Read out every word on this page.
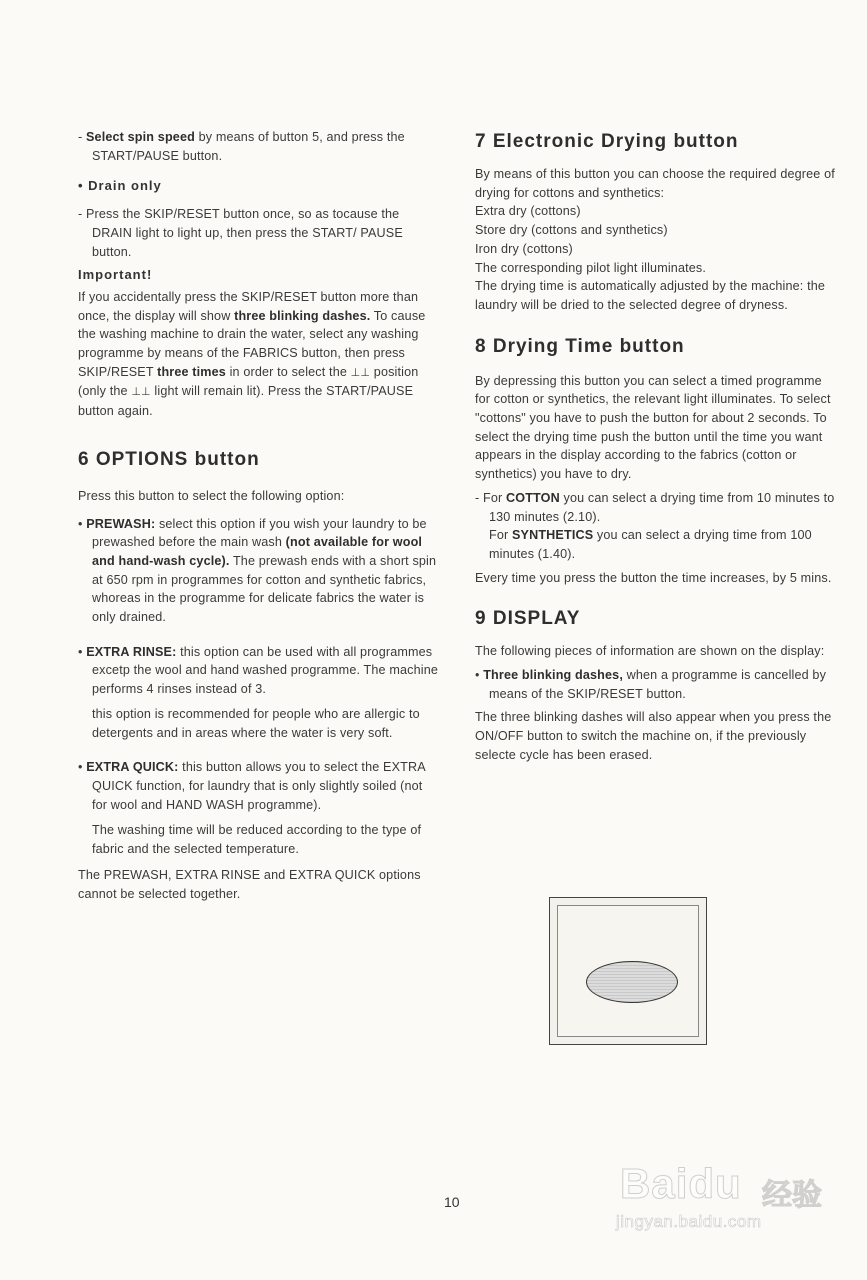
- Select spin speed by means of button 5, and press the START/PAUSE button.

• Drain only

- Press the SKIP/RESET button once, so as tocause the DRAIN light to light up, then press the START/ PAUSE button.

Important!

If you accidentally press the SKIP/RESET button more than once, the display will show three blinking dashes. To cause the washing machine to drain the water, select any washing programme by means of the FABRICS button, then press SKIP/RESET three times in order to select the ⊥⊥ position (only the ⊥⊥ light will remain lit). Press the START/PAUSE button again.

6 OPTIONS button

Press this button to select the following option:

• PREWASH: select this option if you wish your laundry to be prewashed before the main wash (not available for wool and hand-wash cycle). The prewash ends with a short spin at 650 rpm in programmes for cotton and synthetic fabrics, whoreas in the programme for delicate fabrics the water is only drained.

• EXTRA RINSE: this option can be used with all programmes excetp the wool and hand washed programme. The machine performs 4 rinses instead of 3.

this option is recommended for people who are allergic to detergents and in areas where the water is very soft.

• EXTRA QUICK: this button allows you to select the EXTRA QUICK function, for laundry that is only slightly soiled (not for wool and HAND WASH programme).

The washing time will be reduced according to the type of fabric and the selected temperature.

The PREWASH, EXTRA RINSE and EXTRA QUICK options cannot be selected together.

7 Electronic Drying button

By means of this button you can choose the required degree of drying for cottons and synthetics:

Extra dry (cottons)

Store dry (cottons and synthetics)

Iron dry (cottons)

The corresponding pilot light illuminates.

The drying time is automatically adjusted by the machine: the laundry will be dried to the selected degree of dryness.

8 Drying Time button

By depressing this button you can select a timed programme for cotton or synthetics, the relevant light illuminates. To select "cottons" you have to push the button for about 2 seconds. To select the drying time push the button until the time you want appears in the display according to the fabrics (cotton or synthetics) you have to dry.

- For COTTON you can select a drying time from 10 minutes to 130 minutes (2.10).

For SYNTHETICS you can select a drying time from 100 minutes (1.40).

Every time you press the button the time increases, by 5 mins.

9 DISPLAY

The following pieces of information are shown on the display:

• Three blinking dashes, when a programme is cancelled by means of the SKIP/RESET button.

The three blinking dashes will also appear when you press the ON/OFF button to switch the machine on, if the previously selecte cycle has been erased.

10	Baidu 经验
jingyan.baidu.com
